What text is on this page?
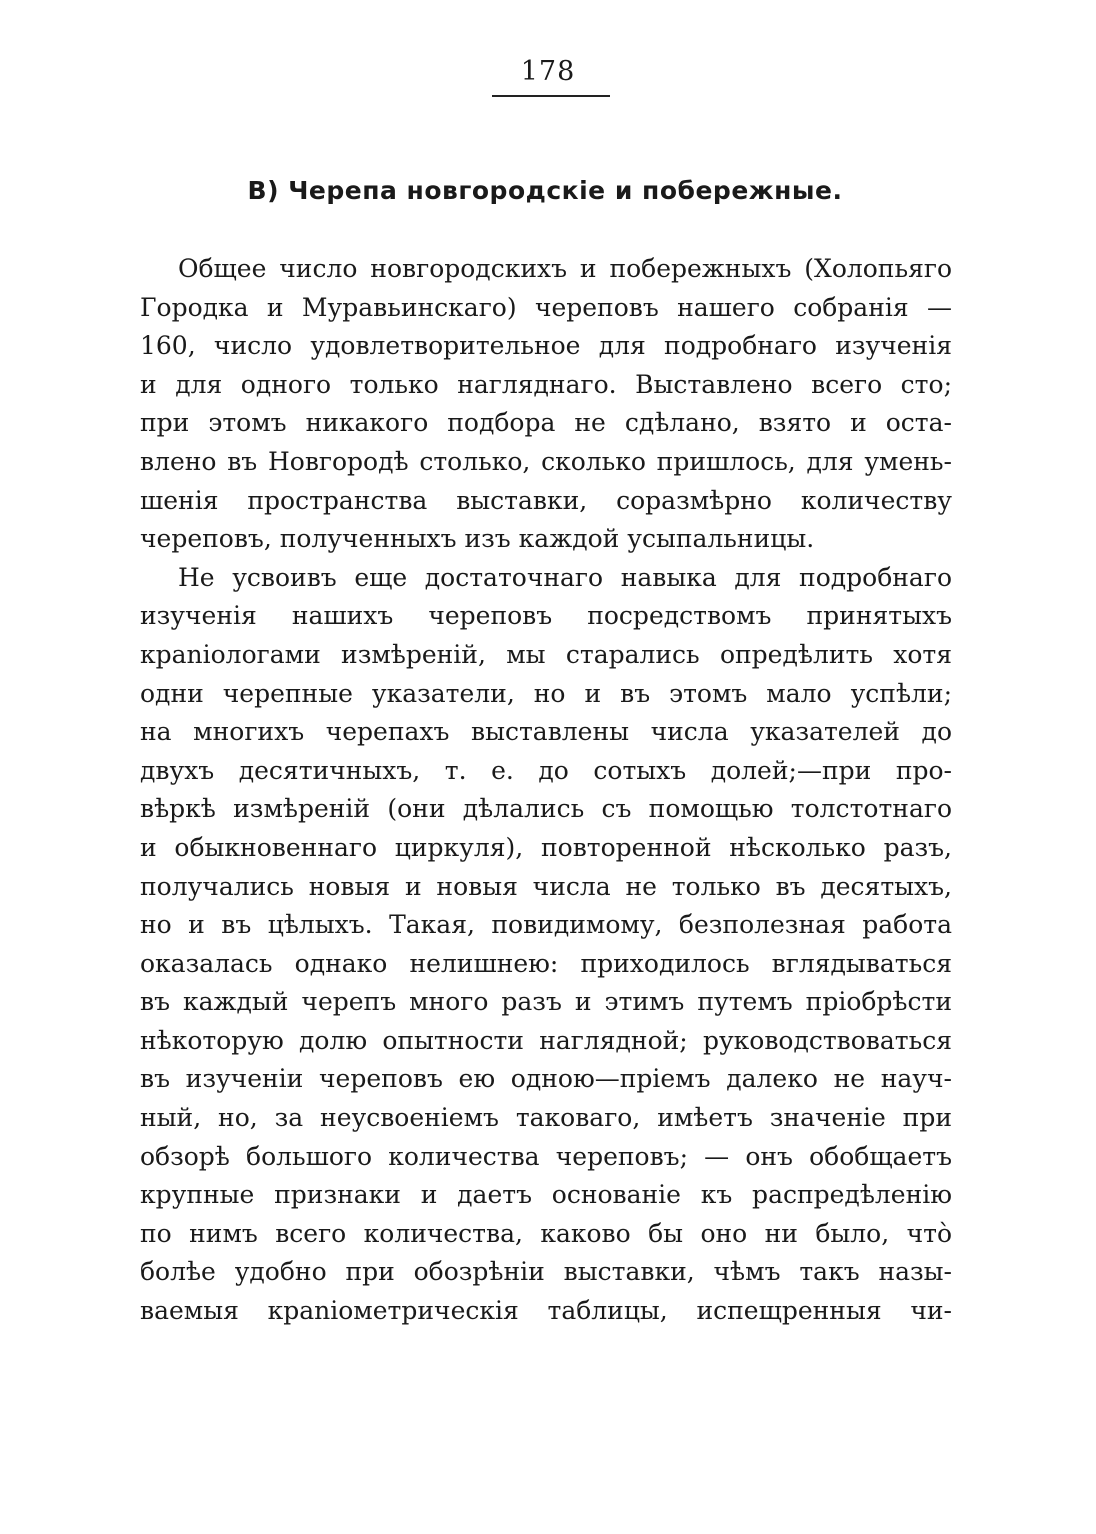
178
В) Черепа новгородскiе и побережные.
Общее число новгородскихъ и побережныхъ (Холопьяго
Городка и Муравьинскаго) череповъ нашего собранiя —
160, число удовлетворительное для подробнаго изученiя
и для одного только нагляднаго. Выставлено всего сто;
при этомъ никакого подбора не сдѣлано, взято и оста-
влено въ Новгородѣ столько, сколько пришлось, для умень-
шенiя пространства выставки, соразмѣрно количеству
череповъ, полученныхъ изъ каждой усыпальницы.
Не усвоивъ еще достаточнаго навыка для подробнаго
изученiя нашихъ череповъ посредствомъ принятыхъ
краniологами измѣренiй, мы старались опредѣлить хотя
одни черепные указатели, но и въ этомъ мало успѣли;
на многихъ черепахъ выставлены числа указателей до
двухъ десятичныхъ, т. е. до сотыхъ долей;—при про-
вѣркѣ измѣренiй (они дѣлались съ помощью толстотнаго
и обыкновеннаго циркуля), повторенной нѣсколько разъ,
получались новыя и новыя числа не только въ десятыхъ,
но и въ цѣлыхъ. Такая, повидимому, безполезная работа
оказалась однако нелишнею: приходилось вглядываться
въ каждый черепъ много разъ и этимъ путемъ прiобрѣсти
нѣкоторую долю опытности наглядной; руководствоваться
въ изученiи череповъ ею одною—прiемъ далеко не науч-
ный, но, за неусвоенiемъ таковаго, имѣетъ значенiе при
обзорѣ большого количества череповъ; — онъ обобщаетъ
крупные признаки и даетъ основанiе къ распредѣленiю
по нимъ всего количества, каково бы оно ни было, чтò
болѣе удобно при обозрѣнiи выставки, чѣмъ такъ назы-
ваемыя краniометрическiя таблицы, испещренныя чи-
